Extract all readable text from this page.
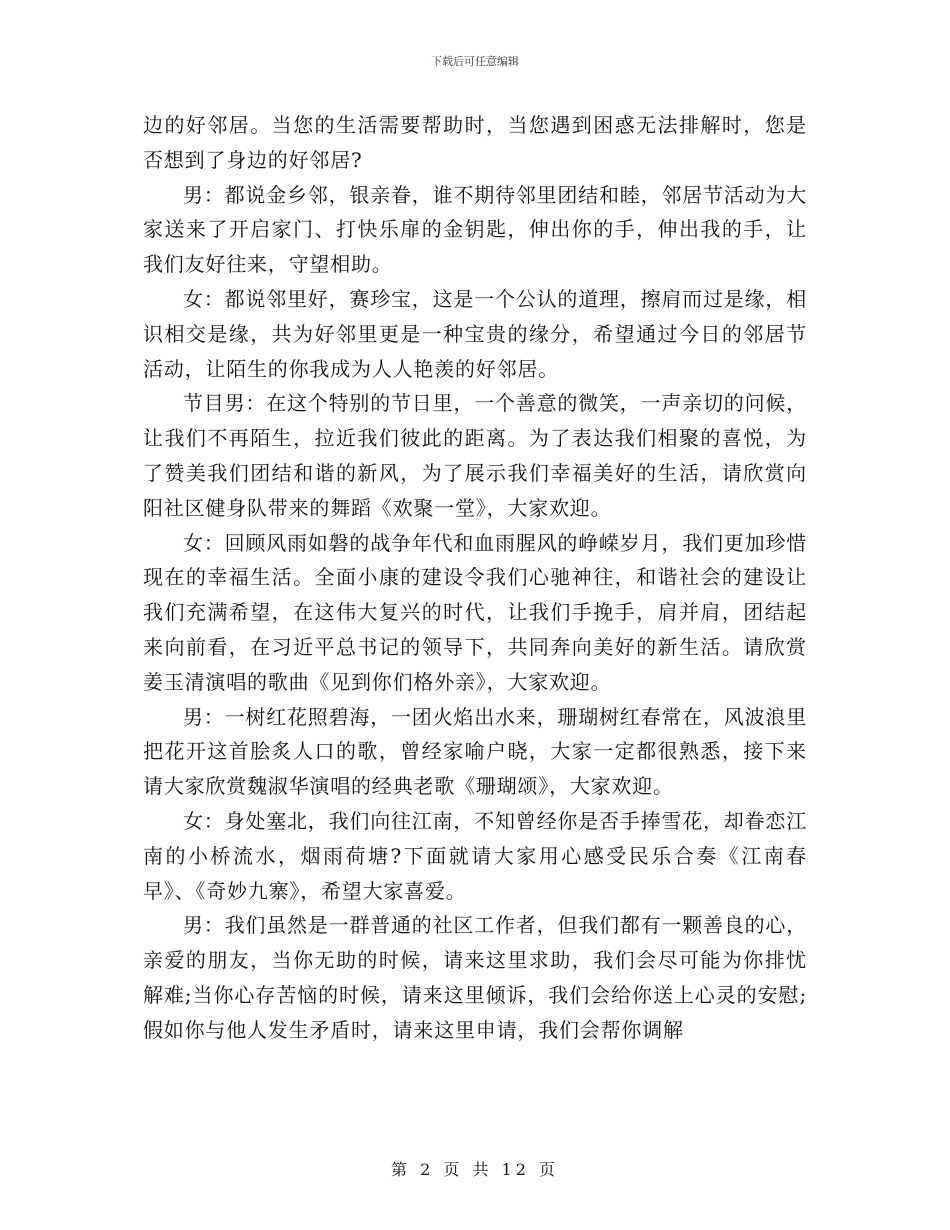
下载后可任意编辑

边的好邻居。当您的生活需要帮助时，当您遇到困惑无法排解时，您是否想到了身边的好邻居?

男：都说金乡邻，银亲眷，谁不期待邻里团结和睦，邻居节活动为大家送来了开启家门、打快乐扉的金钥匙，伸出你的手，伸出我的手，让我们友好往来，守望相助。

女：都说邻里好，赛珍宝，这是一个公认的道理，擦肩而过是缘，相识相交是缘，共为好邻里更是一种宝贵的缘分，希望通过今日的邻居节活动，让陌生的你我成为人人艳羡的好邻居。

节目男：在这个特别的节日里，一个善意的微笑，一声亲切的问候，让我们不再陌生，拉近我们彼此的距离。为了表达我们相聚的喜悦，为了赞美我们团结和谐的新风，为了展示我们幸福美好的生活，请欣赏向阳社区健身队带来的舞蹈《欢聚一堂》，大家欢迎。

女：回顾风雨如磐的战争年代和血雨腥风的峥嵘岁月，我们更加珍惜现在的幸福生活。全面小康的建设令我们心驰神往，和谐社会的建设让我们充满希望，在这伟大复兴的时代，让我们手挽手，肩并肩，团结起来向前看，在习近平总书记的领导下，共同奔向美好的新生活。请欣赏姜玉清演唱的歌曲《见到你们格外亲》，大家欢迎。

男：一树红花照碧海，一团火焰出水来，珊瑚树红春常在，风波浪里把花开这首脍炙人口的歌，曾经家喻户晓，大家一定都很熟悉，接下来请大家欣赏魏淑华演唱的经典老歌《珊瑚颂》，大家欢迎。

女：身处塞北，我们向往江南，不知曾经你是否手捧雪花，却眷恋江南的小桥流水，烟雨荷塘?下面就请大家用心感受民乐合奏《江南春早》、《奇妙九寨》，希望大家喜爱。

男：我们虽然是一群普通的社区工作者，但我们都有一颗善良的心，亲爱的朋友，当你无助的时候，请来这里求助，我们会尽可能为你排忧解难;当你心存苦恼的时候，请来这里倾诉，我们会给你送上心灵的安慰;假如你与他人发生矛盾时，请来这里申请，我们会帮你调解

第 2 页 共 12 页
